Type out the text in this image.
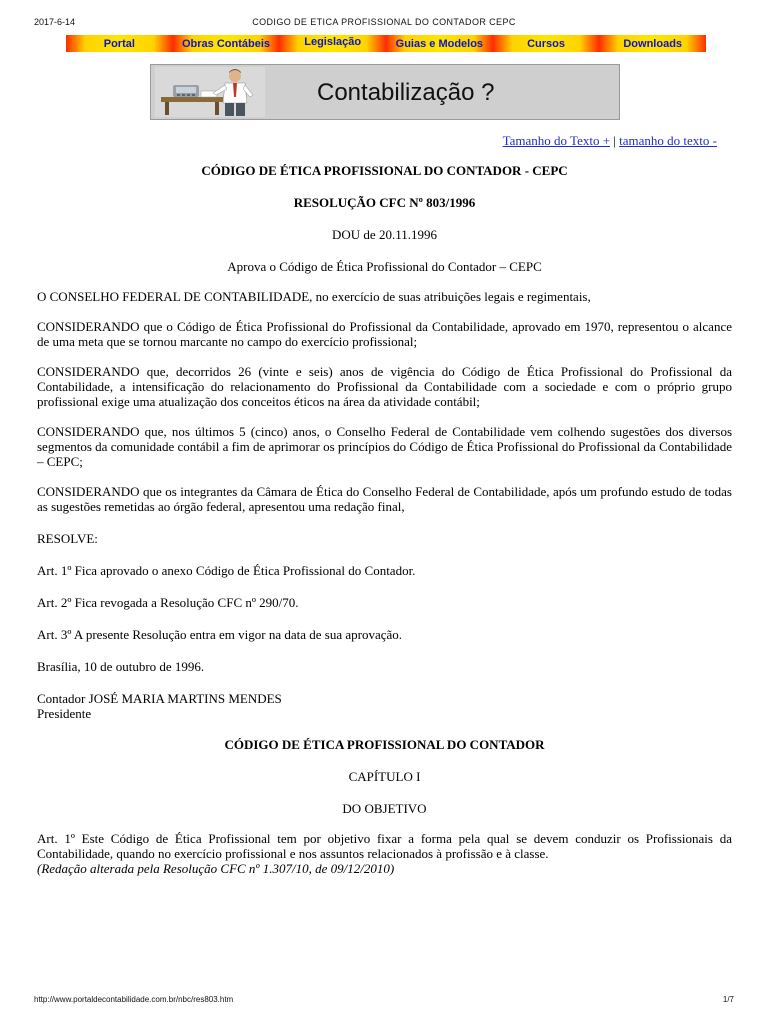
2017-6-14	CODIGO DE ETICA PROFISSIONAL DO CONTADOR CEPC
Portal	Obras Contábeis	Legislação	Guias e Modelos	Cursos	Downloads
Contabilização ?
Tamanho do Texto + | tamanho do texto -

CÓDIGO DE ÉTICA PROFISSIONAL DO CONTADOR - CEPC

RESOLUÇÃO CFC Nº 803/1996

DOU de 20.11.1996

Aprova o Código de Ética Profissional do Contador – CEPC

O CONSELHO FEDERAL DE CONTABILIDADE, no exercício de suas atribuições legais e regimentais,

CONSIDERANDO que o Código de Ética Profissional do Profissional da Contabilidade, aprovado em 1970, representou o alcance de uma meta que se tornou marcante no campo do exercício profissional;

CONSIDERANDO que, decorridos 26 (vinte e seis) anos de vigência do Código de Ética Profissional do Profissional da Contabilidade, a intensificação do relacionamento do Profissional da Contabilidade com a sociedade e com o próprio grupo profissional exige uma atualização dos conceitos éticos na área da atividade contábil;

CONSIDERANDO que, nos últimos 5 (cinco) anos, o Conselho Federal de Contabilidade vem colhendo sugestões dos diversos segmentos da comunidade contábil a fim de aprimorar os princípios do Código de Ética Profissional do Profissional da Contabilidade – CEPC;

CONSIDERANDO que os integrantes da Câmara de Ética do Conselho Federal de Contabilidade, após um profundo estudo de todas as sugestões remetidas ao órgão federal, apresentou uma redação final,

RESOLVE:

Art. 1º Fica aprovado o anexo Código de Ética Profissional do Contador.

Art. 2º Fica revogada a Resolução CFC nº 290/70.

Art. 3º A presente Resolução entra em vigor na data de sua aprovação.

Brasília, 10 de outubro de 1996.

Contador JOSÉ MARIA MARTINS MENDES

Presidente

CÓDIGO DE ÉTICA PROFISSIONAL DO CONTADOR

CAPÍTULO I

DO OBJETIVO

Art. 1º Este Código de Ética Profissional tem por objetivo fixar a forma pela qual se devem conduzir os Profissionais da Contabilidade, quando no exercício profissional e nos assuntos relacionados à profissão e à classe.

(Redação alterada pela Resolução CFC nº 1.307/10, de 09/12/2010)

http://www.portaldecontabilidade.com.br/nbc/res803.htm	1/7
